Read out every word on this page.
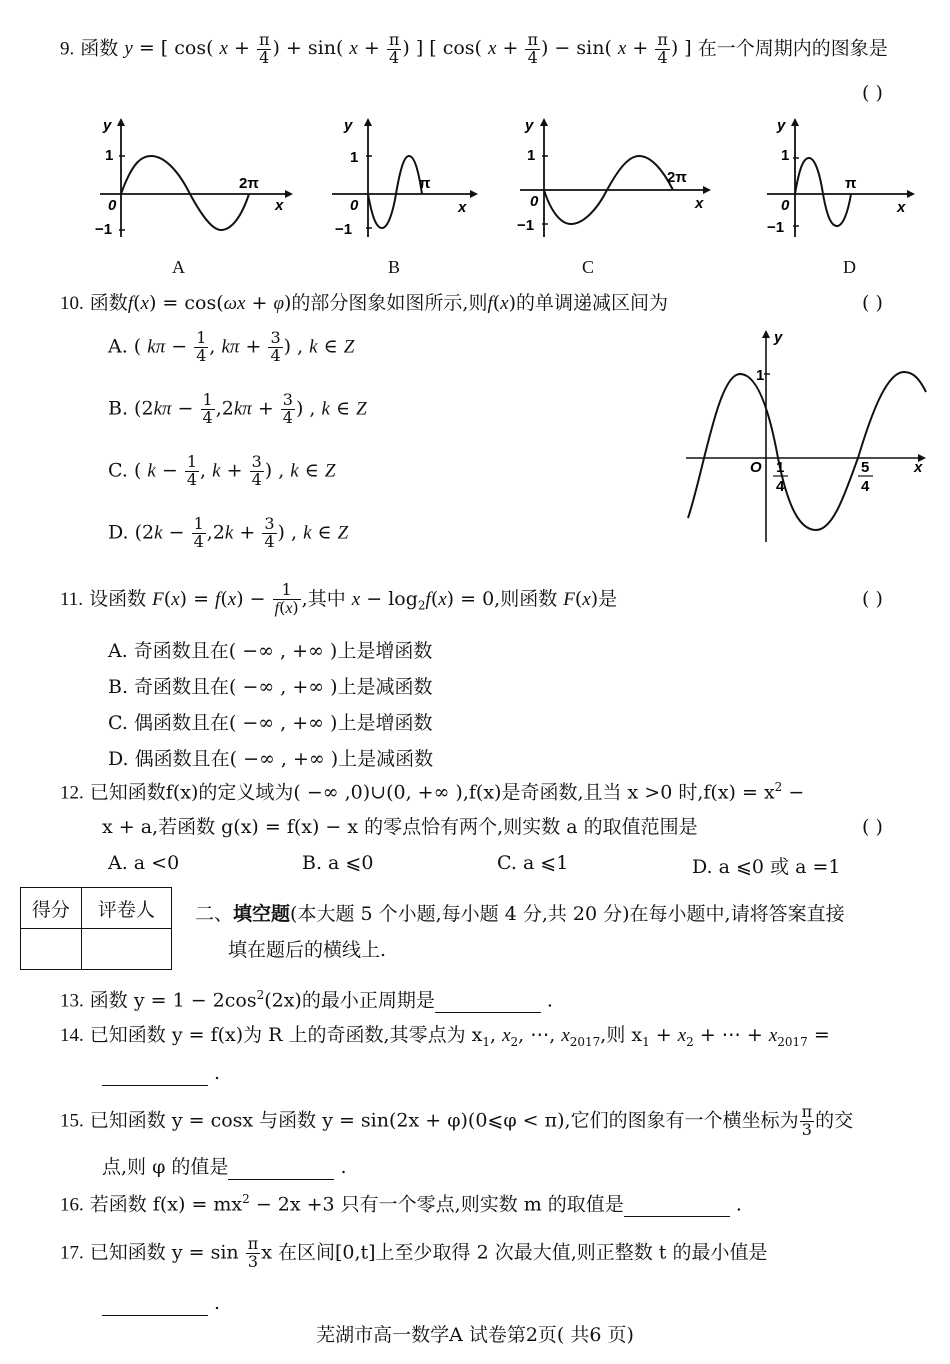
9. 函数 y = [ cos( $x + \frac{\pi}{4}$ ) + sin( $x + \frac{\pi}{4}$ ) ] [ cos( $x + \frac{\pi}{4}$ ) − sin( $x + \frac{\pi}{4}$ ) ] 在一个周期内的图象是
( )
y
x
1
0
−1
2π
A
y
x
1
0
−1
π
B
y
x
1
0
−1
2π
C
y
x
1
0
−1
π
D
10. 函数f(x) = cos(ωx + φ)的部分图象如图所示,则f(x)的单调递减区间为	( )
A. ( $k\pi - \frac{1}{4}$ , $k\pi + \frac{3}{4}$ ) , k ∈ Z
B. ($2k\pi - \frac{1}{4} ,2k\pi + \frac{3}{4}$ ) , k ∈ Z
C. ( $k - \frac{1}{4}$ , $k + \frac{3}{4}$ ) , k ∈ Z
D. ($2k - \frac{1}{4} ,2k + \frac{3}{4}$ ) , k ∈ Z
y
x
1
O 1
4
5
4
11. 设函数 $F(x) = f(x) - \frac{1}{f(x)}$ ,其中 $x - \log_2f(x) = 0$,则函数 F(x)是	( )
A. 奇函数且在( −∞ , +∞ )上是增函数
B. 奇函数且在( −∞ , +∞ )上是减函数
C. 偶函数且在( −∞ , +∞ )上是增函数
D. 偶函数且在( −∞ , +∞ )上是减函数
12. 已知函数f(x)的定义域为( −∞ ,0)∪(0, +∞ ),f(x)是奇函数,且当 x >0 时$,f(x) = x^2$ −
x + a,若函数 g(x) = f(x) − x 的零点恰有两个,则实数 a 的取值范围是	( )
A. a <0	B. a ⩽0	C. a ⩽1	D. a ⩽0 或 a =1
得分	评卷人
	二、填空题(本大题 5 个小题,每小题 4 分,共 20 分)在每小题中,请将答案直接
填在题后的横线上.
13. 函数 $y = 1 - 2\cos^2(2x)$的最小正周期是	.
14. 已知函数 y = f(x)为 R 上的奇函数,其零点为 $x_1$, $x_2$, ⋯, $x_{2017}$,则 $x_1 + x_2$ + ⋯ + $x_{2017}$ =
.
15. 已知函数 y = cosx 与函数 y = sin(2x + φ)(0⩽φ < π),它们的图象有一个横坐标为 $\frac{\pi}{3}$ 的交
点,则 φ 的值是	.
16. 若函数 $f(x) = mx^2 - 2x +3$ 只有一个零点,则实数 m 的取值是	.
17. 已知函数 $y = \sin \frac{\pi}{3}$ x 在区间[0,t]上至少取得 2 次最大值,则正整数 t 的最小值是
.
芜湖市高一数学A 试卷第2页( 共6 页)
